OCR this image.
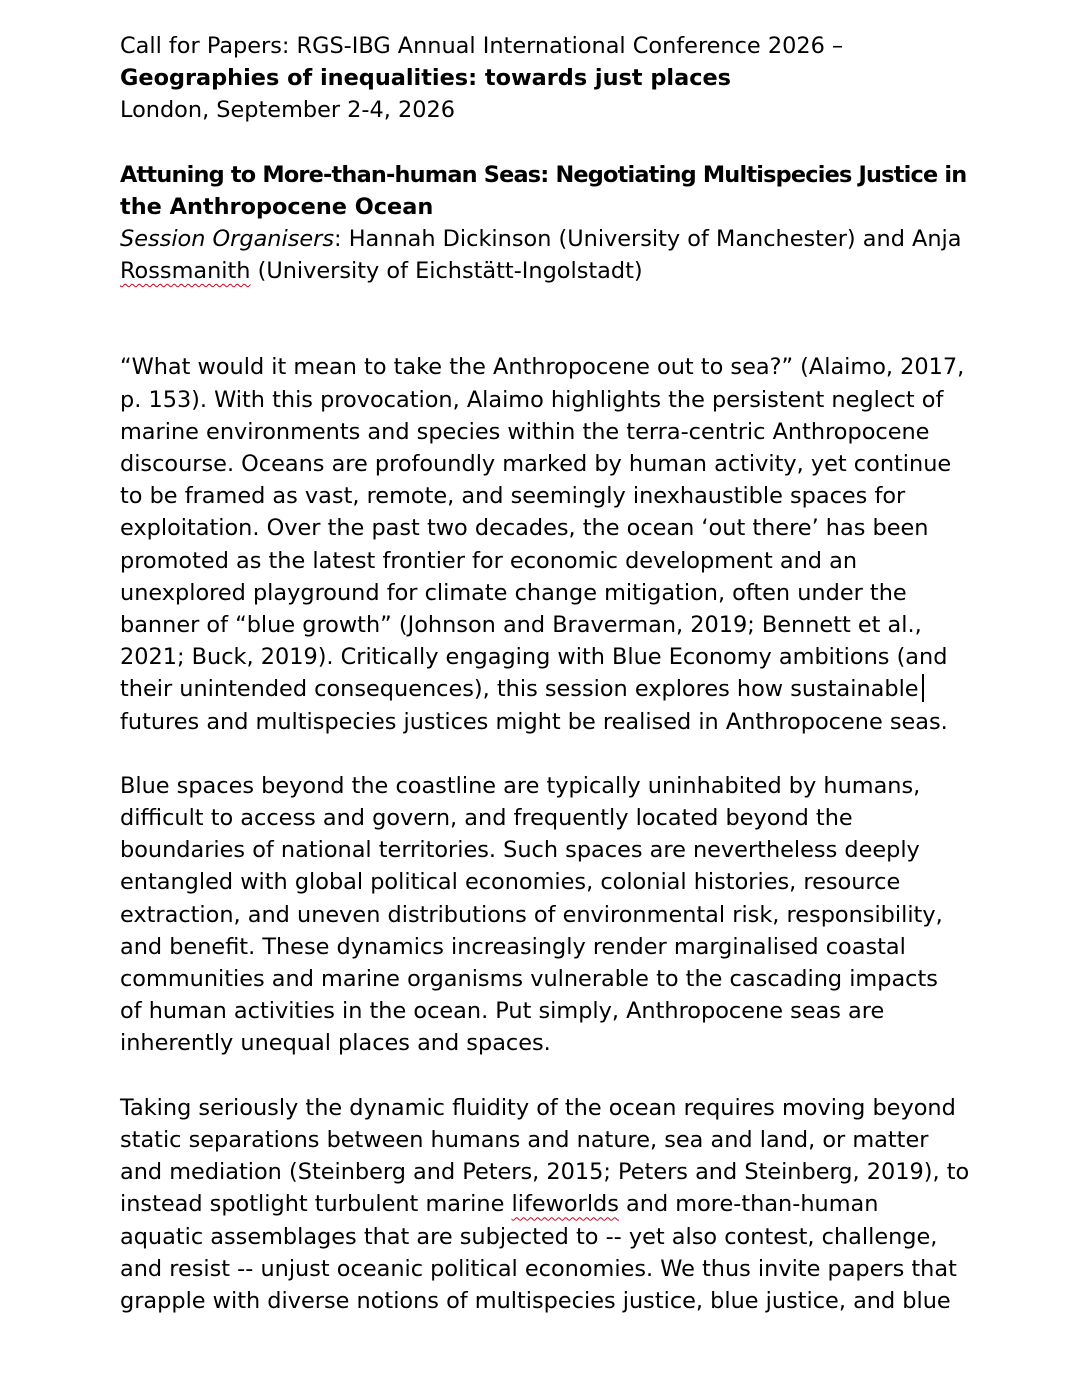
Call for Papers: RGS-IBG Annual International Conference 2026 –
Geographies of inequalities: towards just places
London, September 2-4, 2026
Attuning to More-than-human Seas: Negotiating Multispecies Justice in
the Anthropocene Ocean
Session Organisers: Hannah Dickinson (University of Manchester) and Anja
Rossmanith (University of Eichstätt-Ingolstadt)
“What would it mean to take the Anthropocene out to sea?” (Alaimo, 2017,
p. 153). With this provocation, Alaimo highlights the persistent neglect of
marine environments and species within the terra-centric Anthropocene
discourse. Oceans are profoundly marked by human activity, yet continue
to be framed as vast, remote, and seemingly inexhaustible spaces for
exploitation. Over the past two decades, the ocean ‘out there’ has been
promoted as the latest frontier for economic development and an
unexplored playground for climate change mitigation, often under the
banner of “blue growth” (Johnson and Braverman, 2019; Bennett et al.,
2021; Buck, 2019). Critically engaging with Blue Economy ambitions (and
their unintended consequences), this session explores how sustainable
futures and multispecies justices might be realised in Anthropocene seas.
Blue spaces beyond the coastline are typically uninhabited by humans,
difficult to access and govern, and frequently located beyond the
boundaries of national territories. Such spaces are nevertheless deeply
entangled with global political economies, colonial histories, resource
extraction, and uneven distributions of environmental risk, responsibility,
and benefit. These dynamics increasingly render marginalised coastal
communities and marine organisms vulnerable to the cascading impacts
of human activities in the ocean. Put simply, Anthropocene seas are
inherently unequal places and spaces.
Taking seriously the dynamic fluidity of the ocean requires moving beyond
static separations between humans and nature, sea and land, or matter
and mediation (Steinberg and Peters, 2015; Peters and Steinberg, 2019), to
instead spotlight turbulent marine lifeworlds and more-than-human
aquatic assemblages that are subjected to -- yet also contest, challenge,
and resist -- unjust oceanic political economies. We thus invite papers that
grapple with diverse notions of multispecies justice, blue justice, and blue
